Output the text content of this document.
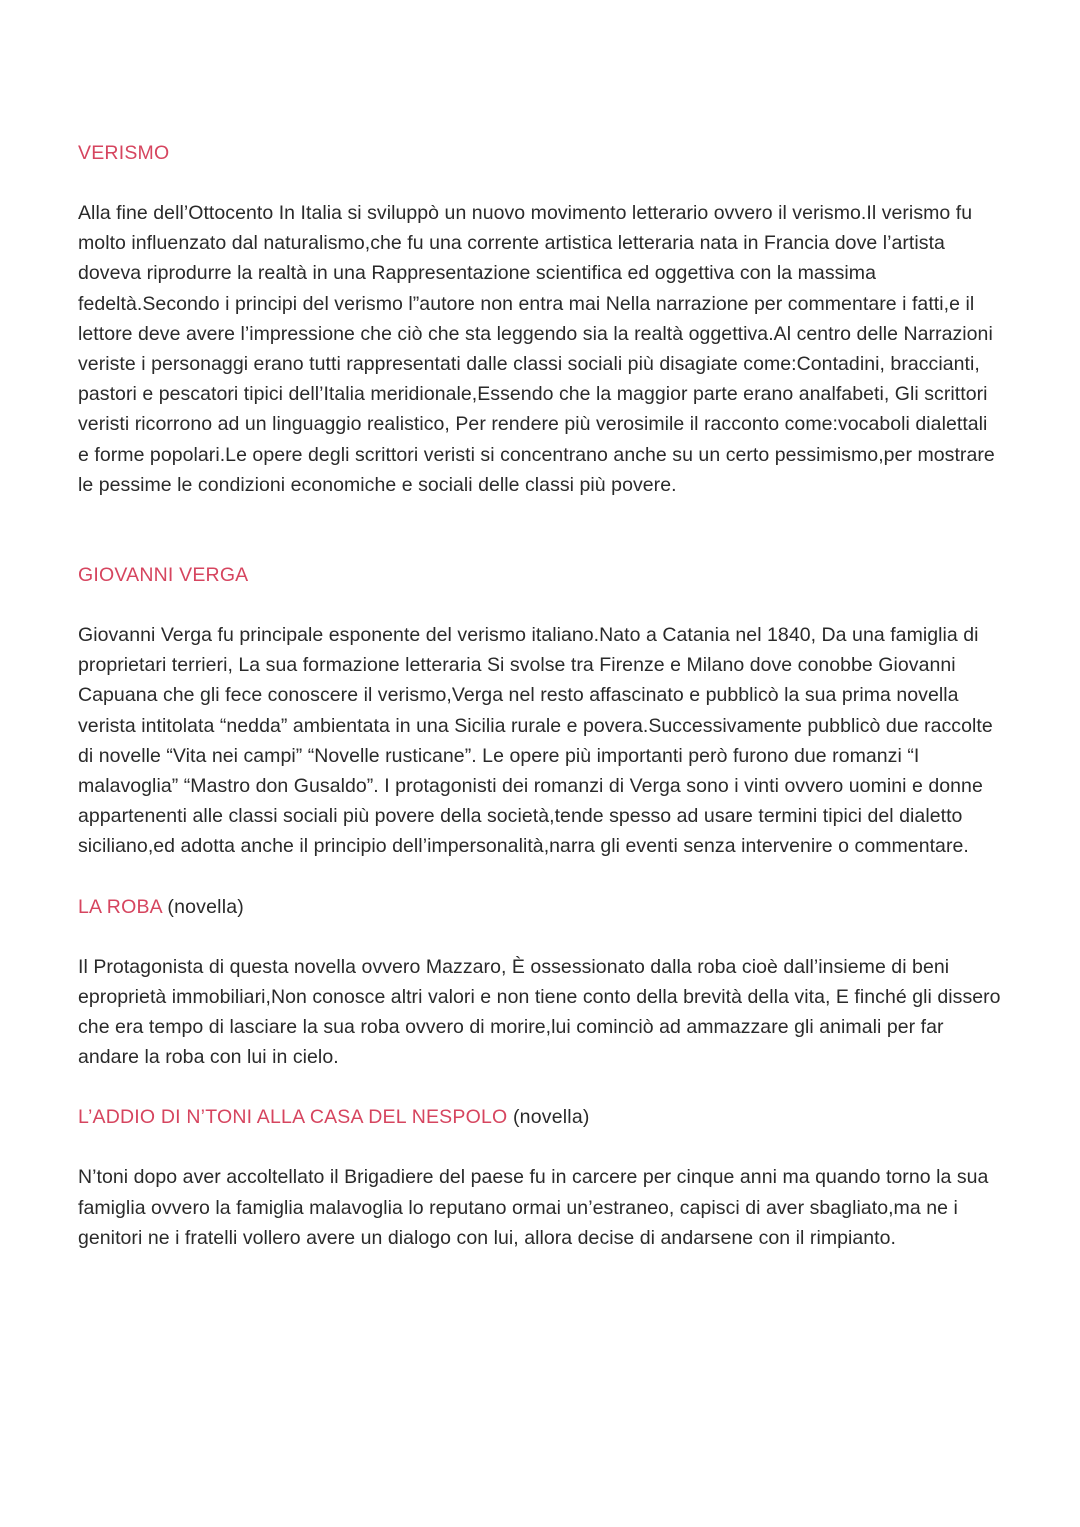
VERISMO

Alla fine dell’Ottocento In Italia si sviluppò un nuovo movimento letterario ovvero il verismo.Il verismo fu molto influenzato dal naturalismo,che fu una corrente artistica letteraria nata in Francia dove l’artista doveva riprodurre la realtà in una Rappresentazione scientifica ed oggettiva con la massima fedeltà.Secondo i principi del verismo l”autore non entra mai Nella narrazione per commentare i fatti,e il lettore deve avere l’impressione che ciò che sta leggendo sia la realtà oggettiva.Al centro delle Narrazioni veriste i personaggi erano tutti rappresentati dalle classi sociali più disagiate come:Contadini, braccianti, pastori e pescatori tipici dell’Italia meridionale,Essendo che la maggior parte erano analfabeti, Gli scrittori veristi ricorrono ad un linguaggio realistico, Per rendere più verosimile il racconto come:vocaboli dialettali e forme popolari.Le opere degli scrittori veristi si concentrano anche su un certo pessimismo,per mostrare le pessime le condizioni economiche e sociali delle classi più povere.

GIOVANNI VERGA

Giovanni Verga fu principale esponente del verismo italiano.Nato a Catania nel 1840, Da una famiglia di proprietari terrieri, La sua formazione letteraria Si svolse tra Firenze e Milano dove conobbe Giovanni Capuana che gli fece conoscere il verismo,Verga nel resto affascinato e pubblicò la sua prima novella verista intitolata “nedda” ambientata in una Sicilia rurale e povera.Successivamente pubblicò due raccolte di novelle “Vita nei campi” “Novelle rusticane”. Le opere più importanti però furono due romanzi “I malavoglia” “Mastro don Gusaldo”. I protagonisti dei romanzi di Verga sono i vinti ovvero uomini e donne appartenenti alle classi sociali più povere della società,tende spesso ad usare termini tipici del dialetto siciliano,ed adotta anche il principio dell’impersonalità,narra gli eventi senza intervenire o commentare.

LA ROBA (novella)

Il Protagonista di questa novella ovvero Mazzaro, È ossessionato dalla roba cioè dall’insieme di beni eproprietà immobiliari,Non conosce altri valori e non tiene conto della brevità della vita, E finché gli dissero che era tempo di lasciare la sua roba ovvero di morire,lui cominciò ad ammazzare gli animali per far andare la roba con lui in cielo.

L’ADDIO DI N’TONI ALLA CASA DEL NESPOLO (novella)

N’toni dopo aver accoltellato il Brigadiere del paese fu in carcere per cinque anni ma quando torno la sua famiglia ovvero la famiglia malavoglia lo reputano ormai un’estraneo, capisci di aver sbagliato,ma ne i genitori ne i fratelli vollero avere un dialogo con lui, allora decise di andarsene con il rimpianto.
